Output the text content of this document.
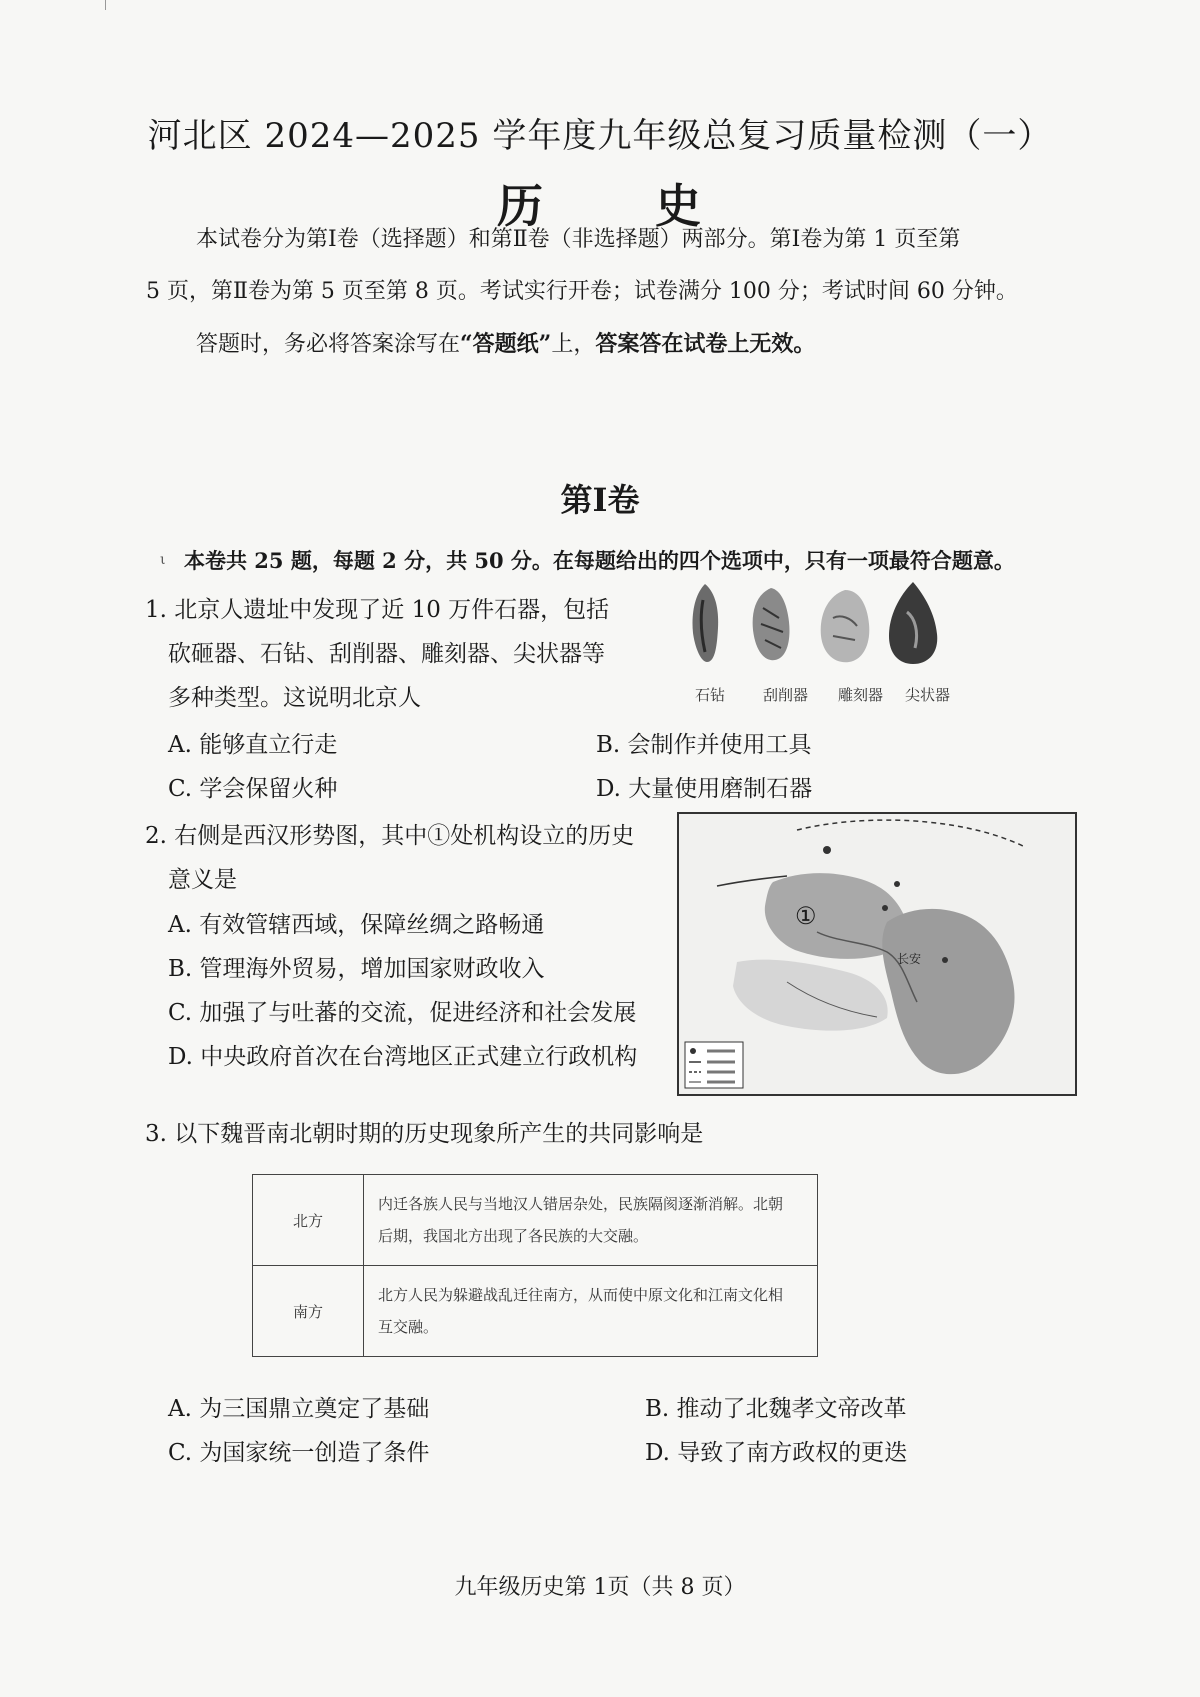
河北区 2024—2025 学年度九年级总复习质量检测（一）
历 史
本试卷分为第Ⅰ卷（选择题）和第Ⅱ卷（非选择题）两部分。第Ⅰ卷为第 1 页至第
5 页，第Ⅱ卷为第 5 页至第 8 页。考试实行开卷；试卷满分 100 分；考试时间 60 分钟。
答题时，务必将答案涂写在“答题纸”上，答案答在试卷上无效。
第Ⅰ卷
ι 本卷共 25 题，每题 2 分，共 50 分。在每题给出的四个选项中，只有一项最符合题意。
1. 北京人遗址中发现了近 10 万件石器，包括
砍砸器、石钻、刮削器、雕刻器、尖状器等
多种类型。这说明北京人	石钻	刮削器 雕刻器 尖状器
A. 能够直立行走	B. 会制作并使用工具
C. 学会保留火种	D. 大量使用磨制石器
2. 右侧是西汉形势图，其中①处机构设立的历史
意义是
A. 有效管辖西域，保障丝绸之路畅通
B. 管理海外贸易，增加国家财政收入
C. 加强了与吐蕃的交流，促进经济和社会发展
D. 中央政府首次在台湾地区正式建立行政机构
①
长安
3. 以下魏晋南北朝时期的历史现象所产生的共同影响是
北方	内迁各族人民与当地汉人错居杂处，民族隔阂逐渐消解。北朝
后期，我国北方出现了各民族的大交融。

南方	北方人民为躲避战乱迁往南方，从而使中原文化和江南文化相
互交融。
A. 为三国鼎立奠定了基础	B. 推动了北魏孝文帝改革
C. 为国家统一创造了条件	D. 导致了南方政权的更迭
九年级历史第 1页（共 8 页）
